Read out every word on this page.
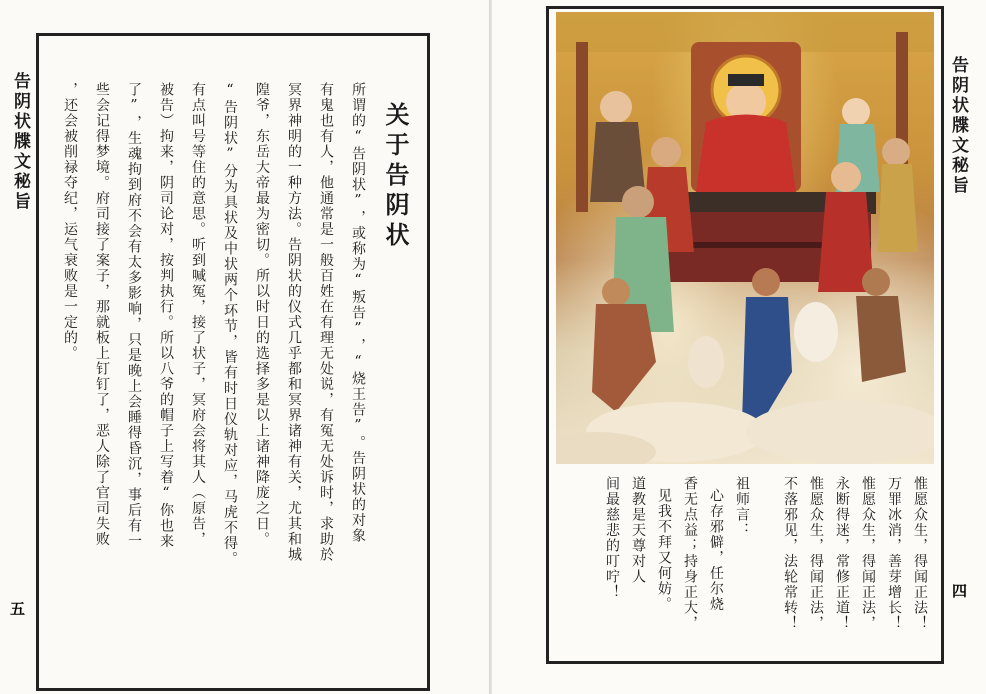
告阴状牒文秘旨
五
关于告阴状
所谓的“告阴状”，或称为“叛告”，“烧王告”。告阴状的对象
有鬼也有人，他通常是一般百姓在有理无处说，有冤无处诉时，求助於
冥界神明的一种方法。告阴状的仪式几乎都和冥界诸神有关，尤其和城
隍爷，东岳大帝最为密切。所以时日的选择多是以上诸神降庞之日。
“告阴状”分为具状及中状两个环节，皆有时日仪轨对应，马虎不得。
有点叫号等住的意思。听到喊冤，接了状子，冥府会将其人（原告，
被告）拘来，阴司论对，按判执行。所以八爷的帽子上写着“你也来
了”，生魂拘到府不会有太多影响，只是晚上会睡得昏沉，事后有一
些会记得梦境。府司接了案子，那就板上钉钉了，恶人除了官司失败
，还会被削禄夺纪，运气衰败是一定的。	告阴状牒文秘旨
四
惟愿众生，得闻正法！
万罪冰消，善芽增长！
惟愿众生，得闻正法，
永断得迷，常修正道！
惟愿众生，得闻正法，
不落邪见，法轮常转！
祖师言：
心存邪僻，任尔烧
香无点益；持身正大，
见我不拜又何妨。
道教是天尊对人
间最慈悲的叮咛！
